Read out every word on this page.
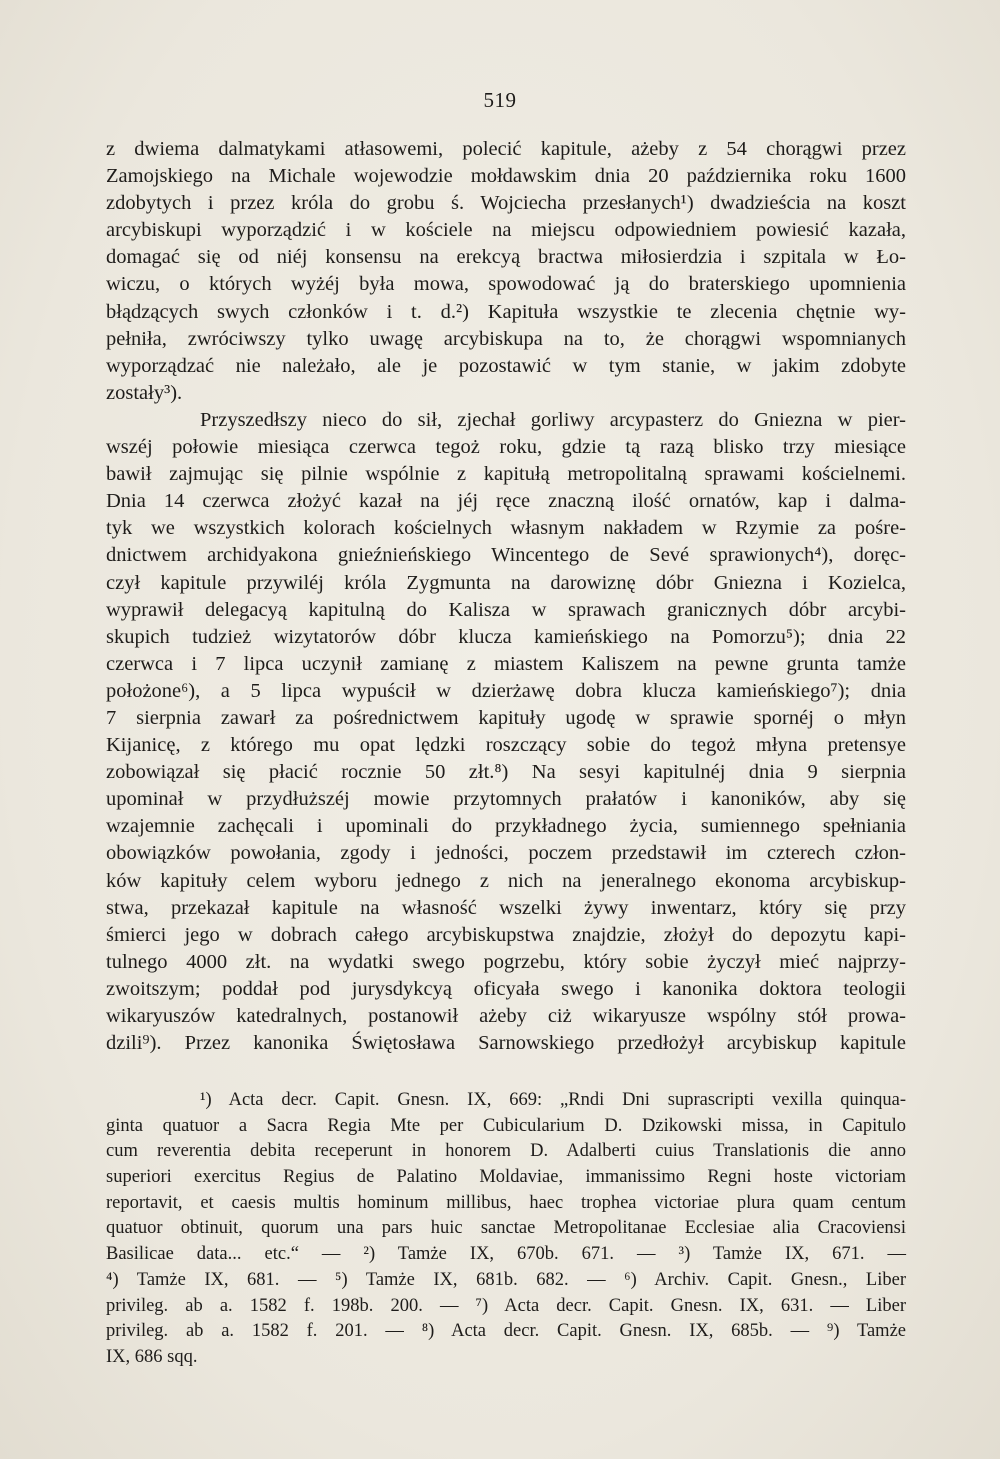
519
z dwiema dalmatykami atłasowemi, polecić kapitule, ażeby z 54 chorągwi przez
Zamojskiego na Michale wojewodzie mołdawskim dnia 20 października roku 1600
zdobytych i przez króla do grobu ś. Wojciecha przesłanych¹) dwadzieścia na koszt
arcybiskupi wyporządzić i w kościele na miejscu odpowiedniem powiesić kazała,
domagać się od niéj konsensu na erekcyą bractwa miłosierdzia i szpitala w Ło-
wiczu, o których wyżéj była mowa, spowodować ją do braterskiego upomnienia
błądzących swych członków i t. d.²) Kapituła wszystkie te zlecenia chętnie wy-
pełniła, zwróciwszy tylko uwagę arcybiskupa na to, że chorągwi wspomnianych
wyporządzać nie należało, ale je pozostawić w tym stanie, w jakim zdobyte
zostały³).
Przyszedłszy nieco do sił, zjechał gorliwy arcypasterz do Gniezna w pier-
wszéj połowie miesiąca czerwca tegoż roku, gdzie tą razą blisko trzy miesiące
bawił zajmując się pilnie wspólnie z kapitułą metropolitalną sprawami kościelnemi.
Dnia 14 czerwca złożyć kazał na jéj ręce znaczną ilość ornatów, kap i dalma-
tyk we wszystkich kolorach kościelnych własnym nakładem w Rzymie za pośre-
dnictwem archidyakona gnieźnieńskiego Wincentego de Sevé sprawionych⁴), doręc-
czył kapitule przywiléj króla Zygmunta na darowiznę dóbr Gniezna i Kozielca,
wyprawił delegacyą kapitulną do Kalisza w sprawach granicznych dóbr arcybi-
skupich tudzież wizytatorów dóbr klucza kamieńskiego na Pomorzu⁵); dnia 22
czerwca i 7 lipca uczynił zamianę z miastem Kaliszem na pewne grunta tamże
położone⁶), a 5 lipca wypuścił w dzierżawę dobra klucza kamieńskiego⁷); dnia
7 sierpnia zawarł za pośrednictwem kapituły ugodę w sprawie spornéj o młyn
Kijanicę, z którego mu opat lędzki roszczący sobie do tegoż młyna pretensye
zobowiązał się płacić rocznie 50 złt.⁸) Na sesyi kapitulnéj dnia 9 sierpnia
upominał w przydłuższéj mowie przytomnych prałatów i kanoników, aby się
wzajemnie zachęcali i upominali do przykładnego życia, sumiennego spełniania
obowiązków powołania, zgody i jedności, poczem przedstawił im czterech człon-
ków kapituły celem wyboru jednego z nich na jeneralnego ekonoma arcybiskup-
stwa, przekazał kapitule na własność wszelki żywy inwentarz, który się przy
śmierci jego w dobrach całego arcybiskupstwa znajdzie, złożył do depozytu kapi-
tulnego 4000 złt. na wydatki swego pogrzebu, który sobie życzył mieć najprzy-
zwoitszym; poddał pod jurysdykcyą oficyała swego i kanonika doktora teologii
wikaryuszów katedralnych, postanowił ażeby ciż wikaryusze wspólny stół prowa-
dzili⁹). Przez kanonika Świętosława Sarnowskiego przedłożył arcybiskup kapitule
¹) Acta decr. Capit. Gnesn. IX, 669: „Rndi Dni suprascripti vexilla quinqua-
ginta quatuor a Sacra Regia Mte per Cubicularium D. Dzikowski missa, in Capitulo
cum reverentia debita receperunt in honorem D. Adalberti cuius Translationis die anno
superiori exercitus Regius de Palatino Moldaviae, immanissimo Regni hoste victoriam
reportavit, et caesis multis hominum millibus, haec trophea victoriae plura quam centum
quatuor obtinuit, quorum una pars huic sanctae Metropolitanae Ecclesiae alia Cracoviensi
Basilicae data... etc.“ — ²) Tamże IX, 670b. 671. — ³) Tamże IX, 671. —
⁴) Tamże IX, 681. — ⁵) Tamże IX, 681b. 682. — ⁶) Archiv. Capit. Gnesn., Liber
privileg. ab a. 1582 f. 198b. 200. — ⁷) Acta decr. Capit. Gnesn. IX, 631. — Liber
privileg. ab a. 1582 f. 201. — ⁸) Acta decr. Capit. Gnesn. IX, 685b. — ⁹) Tamże
IX, 686 sqq.
